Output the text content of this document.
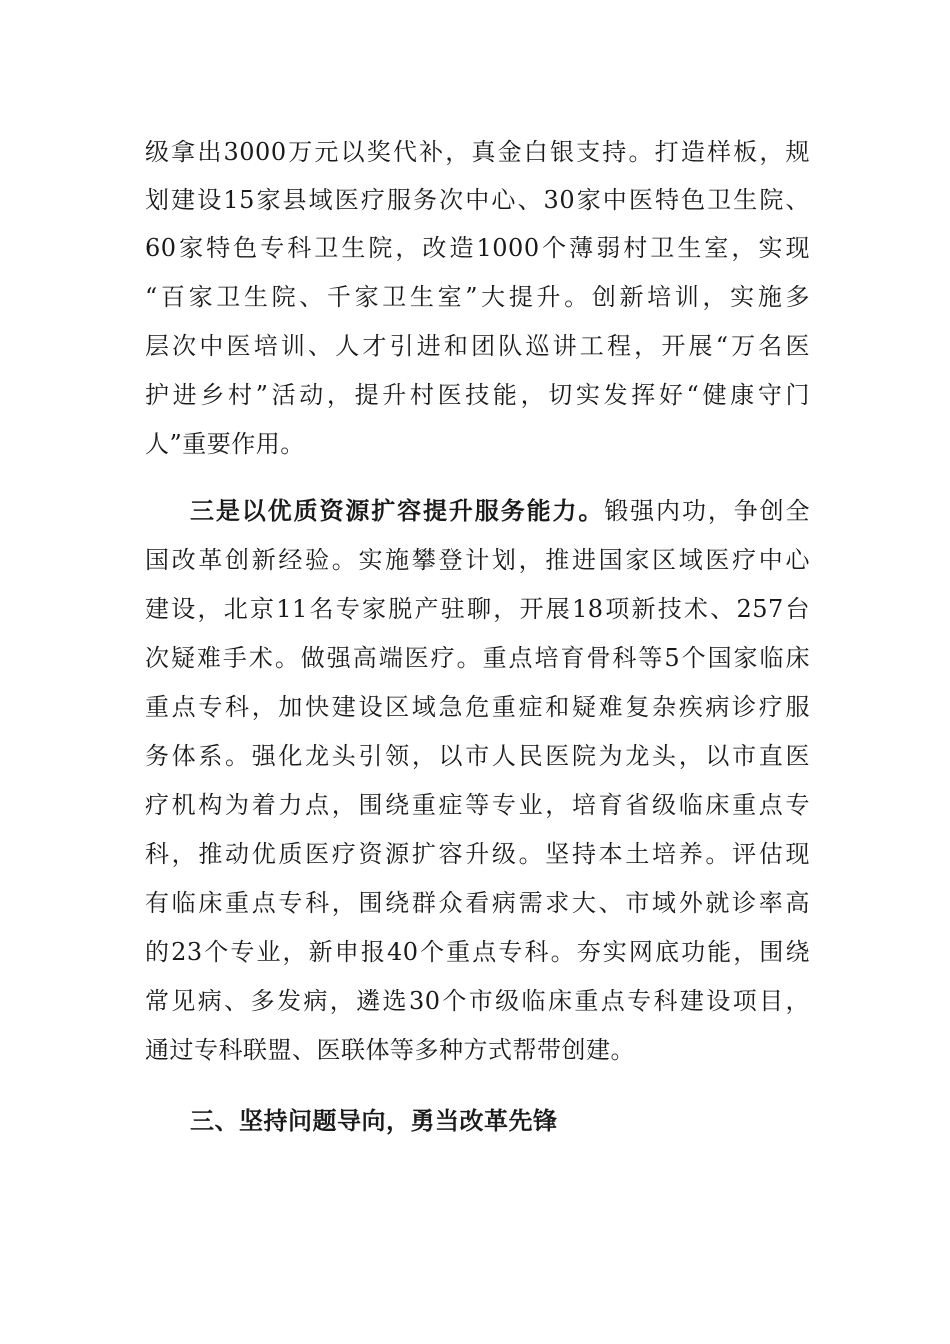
级拿出3000万元以奖代补，真金白银支持。打造样板，规
划建设15家县域医疗服务次中心、30家中医特色卫生院、
60家特色专科卫生院，改造1000个薄弱村卫生室，实现
“百家卫生院、千家卫生室”大提升。创新培训，实施多
层次中医培训、人才引进和团队巡讲工程，开展“万名医
护进乡村”活动，提升村医技能，切实发挥好“健康守门
人”重要作用。
三是以优质资源扩容提升服务能力。锻强内功，争创全
国改革创新经验。实施攀登计划，推进国家区域医疗中心
建设，北京11名专家脱产驻聊，开展18项新技术、257台
次疑难手术。做强高端医疗。重点培育骨科等5个国家临床
重点专科，加快建设区域急危重症和疑难复杂疾病诊疗服
务体系。强化龙头引领，以市人民医院为龙头，以市直医
疗机构为着力点，围绕重症等专业，培育省级临床重点专
科，推动优质医疗资源扩容升级。坚持本土培养。评估现
有临床重点专科，围绕群众看病需求大、市域外就诊率高
的23个专业，新申报40个重点专科。夯实网底功能，围绕
常见病、多发病，遴选30个市级临床重点专科建设项目，
通过专科联盟、医联体等多种方式帮带创建。
三、坚持问题导向，勇当改革先锋
